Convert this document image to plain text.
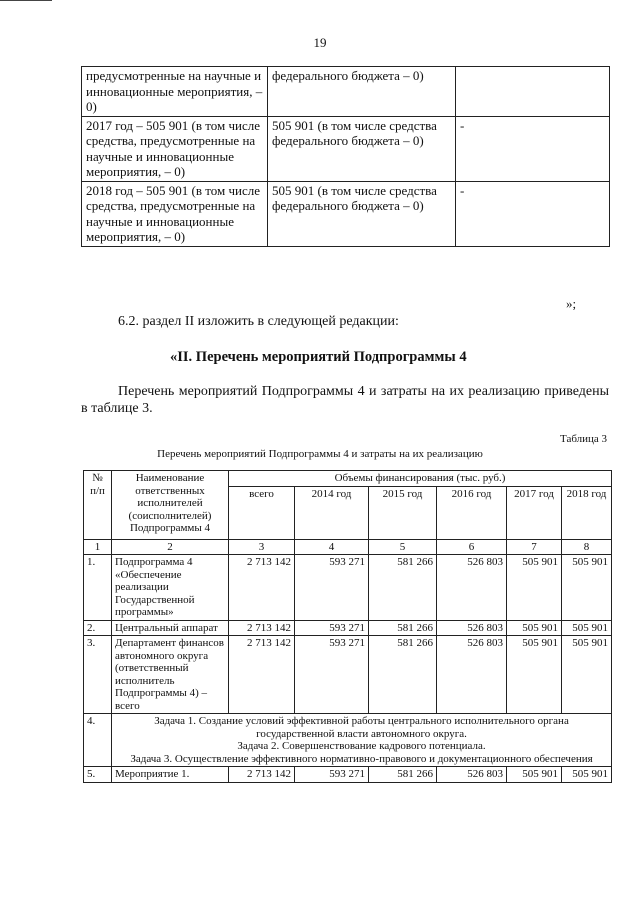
19
предусмотренные на научные и инновационные мероприятия, – 0)	федерального бюджета – 0)	
2017 год – 505 901 (в том числе средства, предусмотренные на научные и инновационные мероприятия, – 0)	505 901 (в том числе средства федерального бюджета – 0)	-
2018 год – 505 901 (в том числе средства, предусмотренные на научные и инновационные мероприятия, – 0)	505 901 (в том числе средства федерального бюджета – 0)	-
»;
6.2. раздел II изложить в следующей редакции:
«II. Перечень мероприятий Подпрограммы 4
Перечень мероприятий Подпрограммы 4 и затраты на их реализацию приведены в таблице 3.
Таблица 3
Перечень мероприятий Подпрограммы 4 и затраты на их реализацию
№ п/п	Наименование ответственных исполнителей (соисполнителей) Подпрограммы 4	Объемы финансирования (тыс. руб.)					
		всего	2014 год	2015 год	2016 год	2017 год	2018 год
1	2	3	4	5	6	7	8
1.	Подпрограмма 4 «Обеспечение реализации Государственной программы»	2 713 142	593 271	581 266	526 803	505 901	505 901
2.	Центральный аппарат	2 713 142	593 271	581 266	526 803	505 901	505 901
3.	Департамент финансов автономного округа (ответственный исполнитель Подпрограммы 4) – всего	2 713 142	593 271	581 266	526 803	505 901	505 901
4.	Задача 1. Создание условий эффективной работы центрального исполнительного органа государственной власти автономного округа.
Задача 2. Совершенствование кадрового потенциала.
Задача 3. Осуществление эффективного нормативно-правового и документационного обеспечения						

5.	Мероприятие 1.	2 713 142	593 271	581 266	526 803	505 901	505 901
